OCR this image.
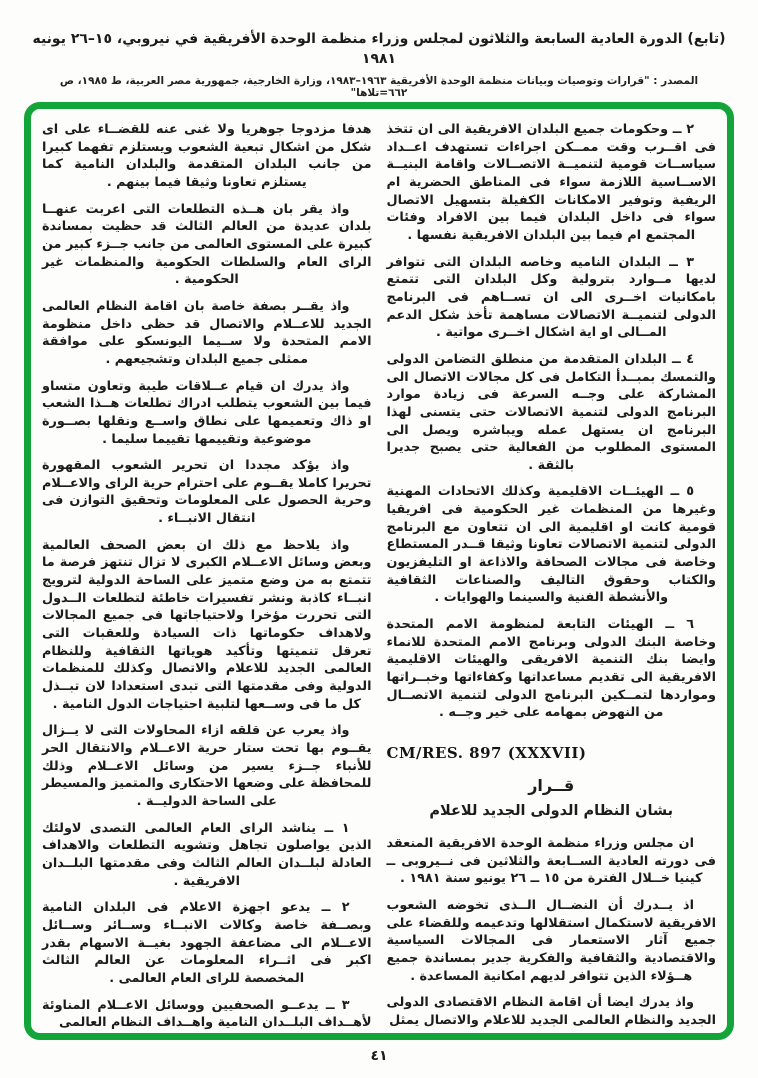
(تابع) الدورة العادية السابعة والثلاثون لمجلس وزراء منظمة الوحدة الأفريقية في نيروبي، ١٥–٢٦ يونيه ١٩٨١
المصدر : "قرارات وتوصيات وبيانات منظمة الوحدة الأفريقية ١٩٦٣–١٩٨٣، وزارة الخارجية، جمهورية مصر العربية، ط ١٩٨٥، ص ٦٦٢=تلاها"

٢ ــ وحكومات جميع البلدان الافريقية الى ان تتخذ فى اقــرب وقت ممــكن اجراءات تستهدف اعــداد سياســات قومية لتنميــة الاتصــالات واقامة البنيــة الاســاسية اللازمة سواء فى المناطق الحضرية ام الريفية وتوفير الامكانات الكفيلة بتسهيل الاتصال سواء فى داخل البلدان فيما بين الافراد وفئات المجتمع ام فيما بين البلدان الافريقية نفسها .

٣ ــ البلدان الناميه وخاصه البلدان التى تتوافر لديها مــوارد بترولية وكل البلدان التى تتمتع بامكانيات اخــرى الى ان تســاهم فى البرنامج الدولى لتنميــة الاتصالات مساهمة تأخذ شكل الدعم المــالى او اية اشكال اخــرى مواتية .

٤ ــ البلدان المتقدمة من منطلق التضامن الدولى والتمسك بمبــدأ التكامل فى كل مجالات الاتصال الى المشاركة على وجــه السرعة فى زيادة موارد البرنامج الدولى لتنمية الاتصالات حتى يتسنى لهذا البرنامج ان يستهل عمله ويباشره ويصل الى المستوى المطلوب من الفعالية حتى يصبح جديرا بالثقة .

٥ ــ الهيئــات الاقليمية وكذلك الاتحادات المهنية وغيرها من المنظمات غير الحكومية فى افريقيا قومية كانت او اقليمية الى ان تتعاون مع البرنامج الدولى لتنمية الاتصالات تعاونا وثيقا قــدر المستطاع وخاصة فى مجالات الصحافة والاذاعة او التليفزيون والكتاب وحقوق التاليف والصناعات الثقافية والأنشطة الفنية والسينما والهوايات .

٦ ــ الهيئات التابعة لمنظومة الامم المتحدة وخاصة البنك الدولى وبرنامج الامم المتحدة للانماء وايضا بنك التنمية الافريقى والهيئات الاقليمية الافريقية الى تقديم مساعداتها وكفاءاتها وخبــراتها ومواردها لتمــكين البرنامج الدولى لتنمية الاتصــال من النهوض بمهامه على خير وجــه .

CM/RES. 897 (XXXVII)
قــرار
بشان النظام الدولى الجديد للاعلام

ان مجلس وزراء منظمة الوحدة الافريقية المنعقد فى دورته العادية الســابعة والثلاثين فى نــيروبى ــ كينيا خــلال الفترة من ١٥ ــ ٢٦ يونيو سنة ١٩٨١ .

اذ يــدرك أن النضــال الــذى تخوضه الشعوب الافريقية لاستكمال استقلالها وتدعيمه وللقضاء على جميع آثار الاستعمار فى المجالات السياسية والاقتصادية والثقافية والفكرية جدير بمساندة جميع هــؤلاء الذين تتوافر لديهم امكانية المساعدة .

واذ يدرك ايضا أن اقامة النظام الاقتصادى الدولى الجديد والنظام العالمى الجديد للاعلام والاتصال يمثل

هدفا مزدوجا جوهريا ولا غنى عنه للقضــاء على اى شكل من اشكال تبعية الشعوب ويستلزم تفهما كبيرا من جانب البلدان المتقدمة والبلدان النامية كما يستلزم تعاونا وثيقا فيما بينهم .

واذ يقر بان هــذه التطلعات التى اعربت عنهــا بلدان عديدة من العالم الثالث قد حظيت بمساندة كبيرة على المستوى العالمى من جانب جــزء كبير من الراى العام والسلطات الحكومية والمنظمات غير الحكومية .

واذ يقــر بصفة خاصة بان اقامة النظام العالمى الجديد للاعــلام والاتصال قد حظى داخل منظومة الامم المتحدة ولا ســيما اليونسكو على موافقة ممثلى جميع البلدان وتشجيعهم .

واذ يدرك ان قيام عــلاقات طيبة وتعاون متساو فيما بين الشعوب يتطلب ادراك تطلعات هــذا الشعب او ذاك وتعميمها على نطاق واســع ونقلها بصــورة موضوعية وتقييمها تقييما سليما .

واذ يؤكد مجددا ان تحرير الشعوب المقهورة تحريرا كاملا يقــوم على احترام حرية الراى والاعــلام وحرية الحصول على المعلومات وتحقيق التوازن فى انتقال الانبــاء .

واذ يلاحظ مع ذلك ان بعض الصحف العالمية وبعض وسائل الاعــلام الكبرى لا تزال تنتهز فرصة ما تتمتع به من وضع متميز على الساحة الدولية لترويج انبــاء كاذبة ونشر تفسيرات خاطئة لتطلعات الــدول التى تحررت مؤخرا ولاحتياجاتها فى جميع المجالات ولاهداف حكوماتها ذات السيادة وللعقبات التى تعرقل تنميتها وتأكيد هوياتها الثقافية وللنظام العالمى الجديد للاعلام والاتصال وكذلك للمنظمات الدولية وفى مقدمتها التى تبدى استعدادا لان تبــذل كل ما فى وســعها لتلبية احتياجات الدول النامية .

واذ يعرب عن قلقه ازاء المحاولات التى لا يــزال يقــوم بها تحت ستار حرية الاعــلام والانتقال الحر للأنباء جــزء يسير من وسائل الاعــلام وذلك للمحافظة على وضعها الاحتكارى والمتميز والمسيطر على الساحة الدوليــة .

١ ــ يناشد الراى العام العالمى التصدى لاولئك الذين يواصلون تجاهل وتشويه التطلعات والاهداف العادلة لبلــدان العالم الثالث وفى مقدمتها البلــدان الافريقية .

٢ ــ يدعو اجهزة الاعلام فى البلدان النامية وبصــفة خاصة وكالات الانبــاء وســائر وســائل الاعــلام الى مضاعفة الجهود بغيــة الاسهام بقدر اكبر فى اثــراء المعلومات عن العالم الثالث المخصصة للراى العام العالمى .

٣ ــ يدعــو الصحفيين ووسائل الاعــلام المناوئة لأهــداف البلــدان النامية واهــداف النظام العالمى

٤١
